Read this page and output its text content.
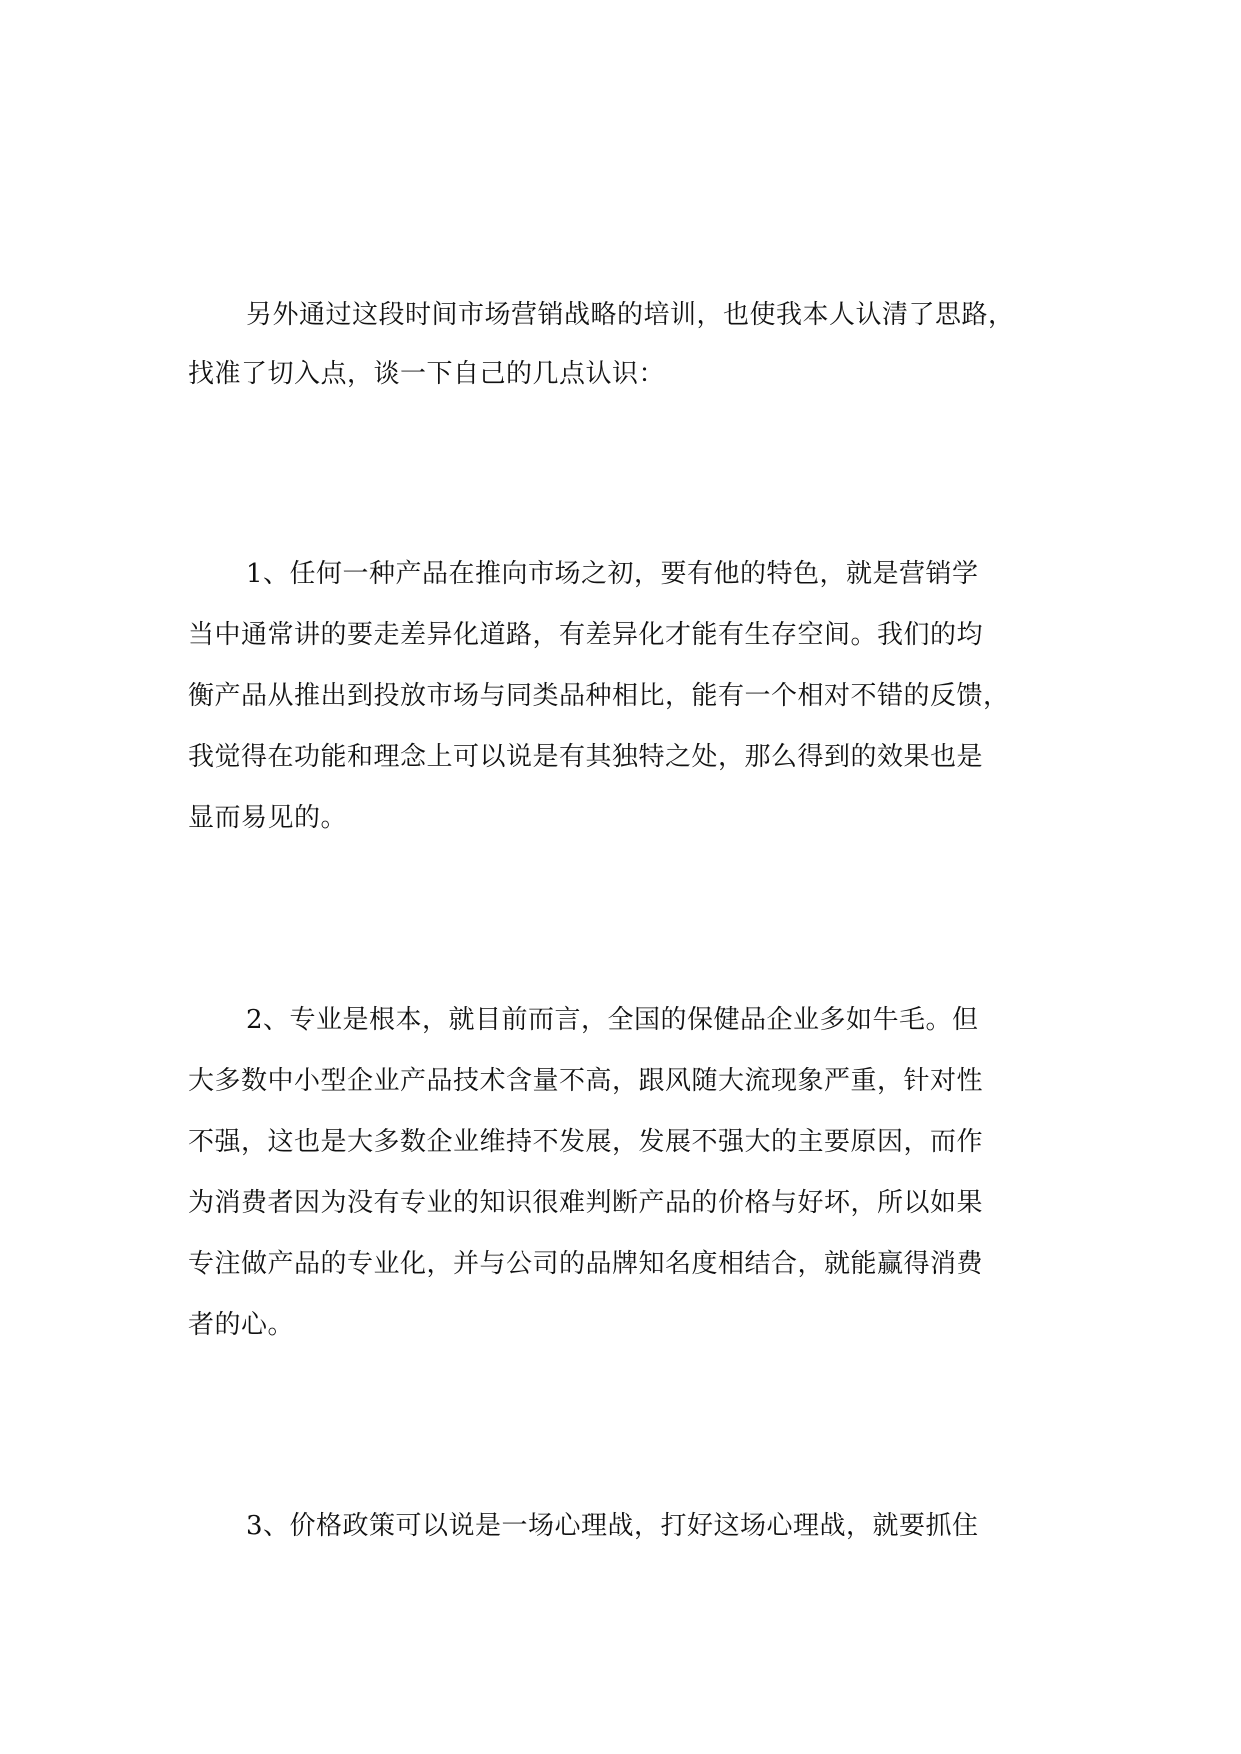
另外通过这段时间市场营销战略的培训，也使我本人认清了思路，
找准了切入点，谈一下自己的几点认识：
1、任何一种产品在推向市场之初，要有他的特色，就是营销学
当中通常讲的要走差异化道路，有差异化才能有生存空间。我们的均
衡产品从推出到投放市场与同类品种相比，能有一个相对不错的反馈，
我觉得在功能和理念上可以说是有其独特之处，那么得到的效果也是
显而易见的。
2、专业是根本，就目前而言，全国的保健品企业多如牛毛。但
大多数中小型企业产品技术含量不高，跟风随大流现象严重，针对性
不强，这也是大多数企业维持不发展，发展不强大的主要原因，而作
为消费者因为没有专业的知识很难判断产品的价格与好坏，所以如果
专注做产品的专业化，并与公司的品牌知名度相结合，就能赢得消费
者的心。
3、价格政策可以说是一场心理战，打好这场心理战，就要抓住
